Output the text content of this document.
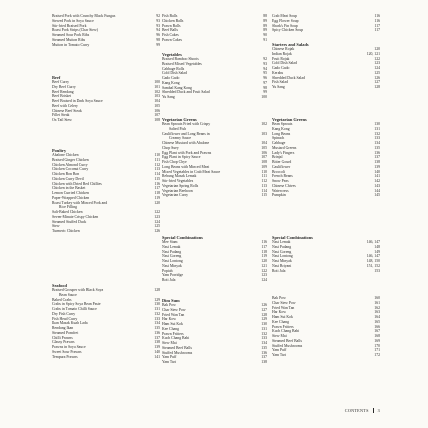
Braised Pork with Crunchy Black Fungus	92
Stewed Pork in Soya Sauce	93
Stir-fried Braised Pork	93
Roast Pork Strips (Char Siew)	94
Steamed Sour Pork Ribs	96
Steamed Mutton Ribs	98
Mutton in Tomato Curry	99
Beef
Beef Curry	100
Dry Beef Curry	101
Beef Rendang	102
Beef Brisket	103
Beef Braised in Dark Soya Sauce	104
Beef with Celery	105
Chinese Beef Steak	106
Fillet Steak	107
Ox Tail Stew	108
Poultry
Abalone Chicken	110
Braised Ginger Chicken	111
Chicken Almond Curry	112
Chicken Coconut Curry	113
Chicken Bon Bon	114
Chicken Curry Devil	115
Chicken with Dried Red Chillies	116
Chicken in the Basket	117
Lemon Curried Chicken	118
Paper-Wrapped Chicken	119
Roast Turkey with Minced Pork and	120
Rice Filling
Salt-Baked Chicken	122
Seven-Minute Crispy Chicken	123
Steamed Stuffed Duck	124
Stew	125
Turmeric Chicken	126
Seafood
Braised Grouper with Black Soya	128
Bean Sauce
Baked Crabs	129
Crabs in Spicy Soya Bean Paste	130
Crabs in Tomato Chilli Sauce	131
Dry Fish Curry	132
Fish Head Curry	133
Ikan Masak Kuah Lada	134
Rendang Ikan	135
Steamed Pomfret	136
Chilli Prawns	137
Glassy Prawns	138
Prawns in Soya Sauce	139
Sweet Sour Prawns	140
Tempura Prawns	141
Fish Balls	88
Chicken Balls	89
Prawn Balls	89
Beef Balls	89
Fish Cakes	90
Prawn Cakes	91
Vegetables
Braised Bamboo Shoots	92
Braised Mixed Vegetables	93
Cabbage Rolls	94
Cold Dish Salad	95
Gado Gado	96
Kang Kong	97
Sambal Kang Kong	98
Shredded Duck and Fruit Salad	99
Yu Sang	100
Vegetarian Greens
Bean Sprouts Fried with Crispy	102
Salted Fish
Cauliflower and Long Beans in	103
Creamy Sauce
Chinese Mustard with Abalone	104
Chop Suey	105
Egg Plant with Pork and Prawns	106
Egg Plant in Spicy Sauce	107
Fish Chop Chye	108
Long Beans with Minced Meat	109
Mixed Vegetables in Crab Meat Sauce	110
Rebung Masak Lemak	111
Stir-fried Vegetables	112
Vegetarian Spring Rolls	113
Vegetarian Beehoon	114
Vegetarian Curry	115
Special Combinations
Mee Siam	116
Nasi Lemak	117
Nasi Padang	118
Nasi Goreng	119
Nasi Lontong	120
Nasi Minyak	121
Popiah	122
Yam Porridge	123
Roti Jala	124
Dim Sum
Bak Pow	126
Char Siew Pow	127
Fried Wan Tan	128
Har Kow	129
Ham Sui Kok	130
Kee Chang	131
Prawn Fritters	132
Kuch Chang Babi	133
Siew Mai	134
Steamed Beef Balls	135
Stuffed Mushrooms	136
Yam Puff	137
Yam Tart	138
Crab Meat Soup	116
Egg Flower Soup	116
Shark's Fin Soup	117
Spicy Chicken Soup	117
Starters and Salads
Chinese Rojak	120
Indian Rojak	120, 121
Fruit Rojak	122
Cold Dish Salad	123
Gado Gado	124
Kerabu	125
Shredded Duck Salad	126
Fish Salad	127
Yu Sang	128
Vegetarian Greens
Bean Sprouts	130
Kang Kong	131
Long Beans	132
Spinach	133
Cabbage	134
Mustard Greens	135
Lady's Fingers	136
Brinjal	137
Bitter Gourd	138
Cauliflower	139
Broccoli	140
French Beans	141
Snow Peas	142
Chinese Chives	143
Watercress	144
Pumpkin	145
Special Combinations
Nasi Lemak	146, 147
Nasi Padang	148
Nasi Goreng	149
Nasi Lontong	146, 147
Nasi Minyak	148, 150
Nasi Briyani	151, 152
Roti Jala	153
Bak Pow	160
Char Siew Pow	161
Fried Wan Tan	162
Har Kow	163
Ham Sui Kok	164
Kee Chang	165
Prawn Fritters	166
Kuch Chang Babi	167
Siew Mai	168
Steamed Beef Balls	169
Stuffed Mushrooms	170
Yam Puff	171
Yam Tart	172
CONTENTS 3
